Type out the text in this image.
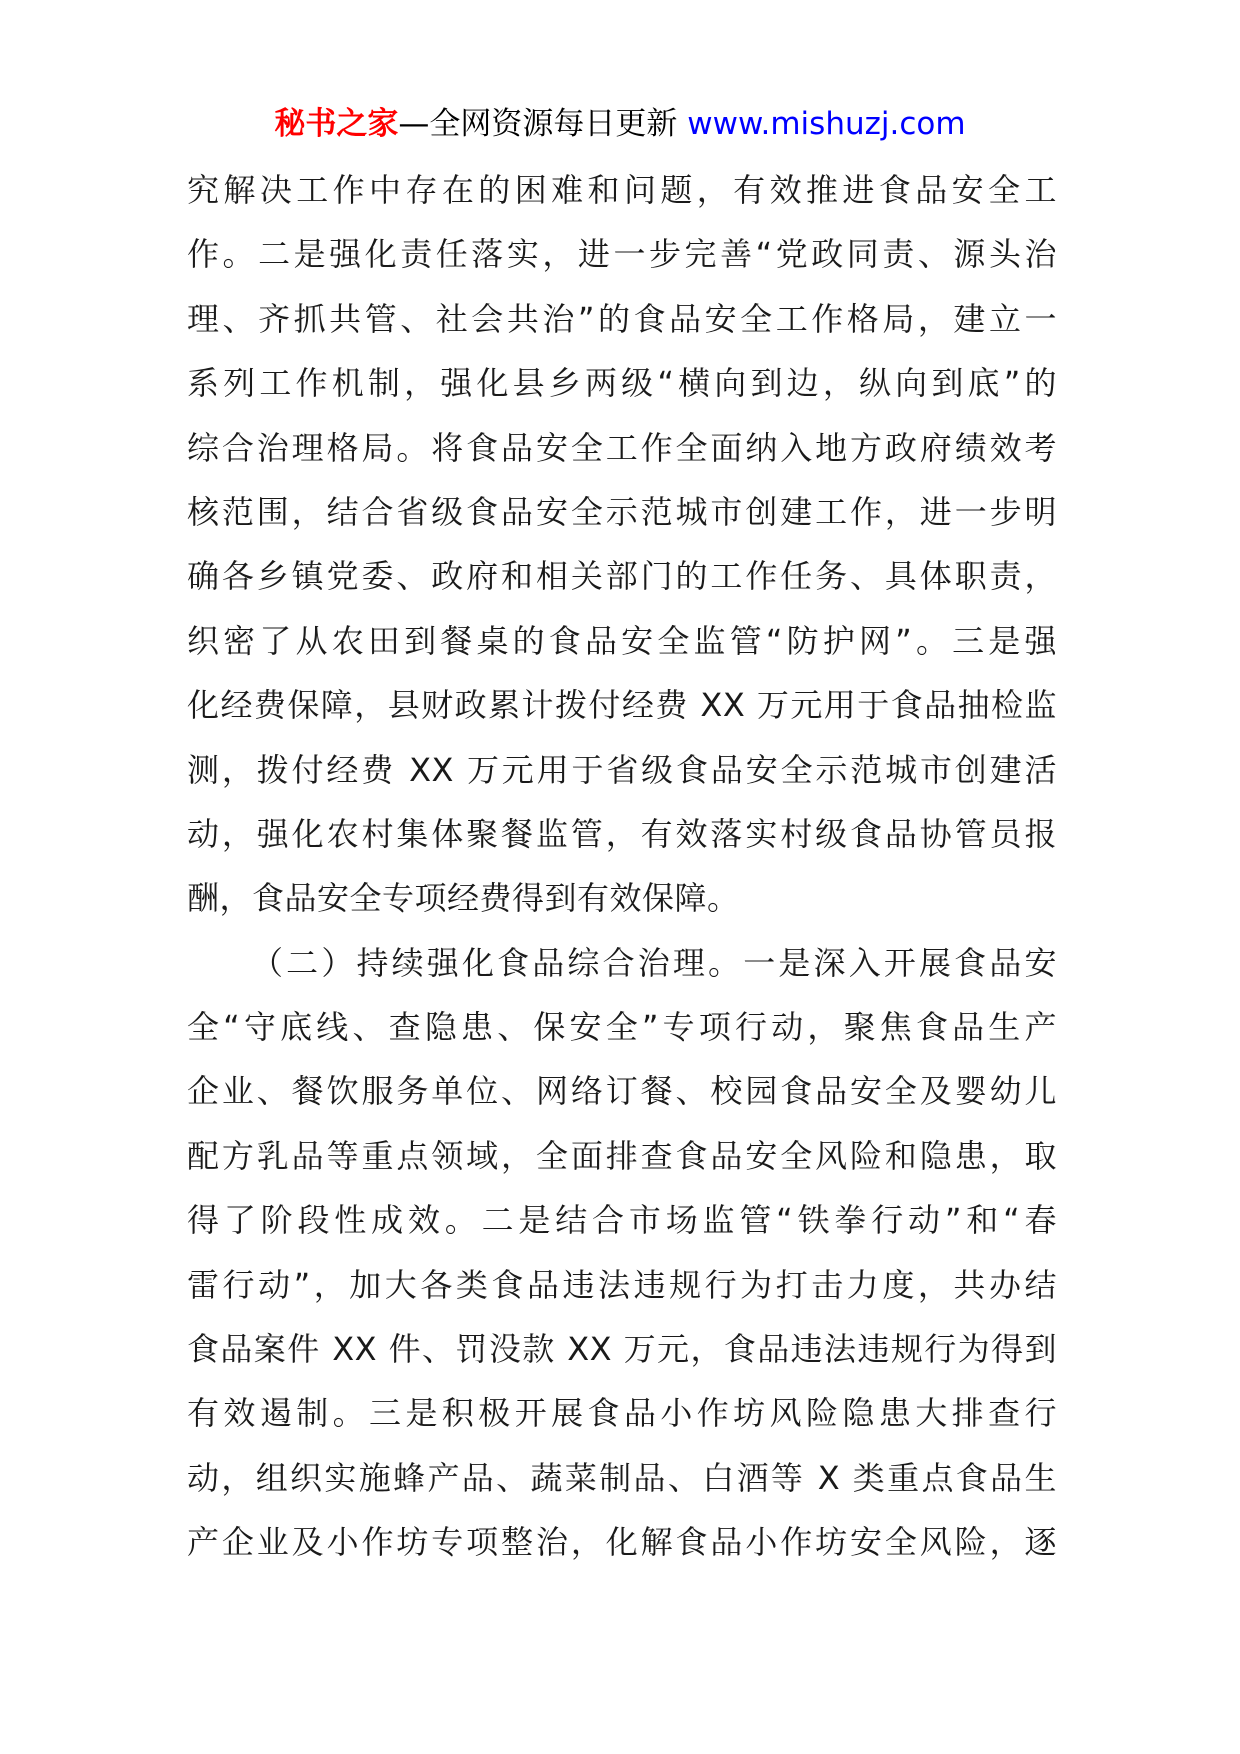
秘书之家—全网资源每日更新 www.mishuzj.com
究解决工作中存在的困难和问题，有效推进食品安全工
作。二是强化责任落实，进一步完善“党政同责、源头治
理、齐抓共管、社会共治”的食品安全工作格局，建立一
系列工作机制，强化县乡两级“横向到边，纵向到底”的
综合治理格局。将食品安全工作全面纳入地方政府绩效考
核范围，结合省级食品安全示范城市创建工作，进一步明
确各乡镇党委、政府和相关部门的工作任务、具体职责，
织密了从农田到餐桌的食品安全监管“防护网”。三是强
化经费保障，县财政累计拨付经费 XX 万元用于食品抽检监
测，拨付经费 XX 万元用于省级食品安全示范城市创建活
动，强化农村集体聚餐监管，有效落实村级食品协管员报
酬，食品安全专项经费得到有效保障。
（二）持续强化食品综合治理。一是深入开展食品安
全“守底线、查隐患、保安全”专项行动，聚焦食品生产
企业、餐饮服务单位、网络订餐、校园食品安全及婴幼儿
配方乳品等重点领域，全面排查食品安全风险和隐患，取
得了阶段性成效。二是结合市场监管“铁拳行动”和“春
雷行动”，加大各类食品违法违规行为打击力度，共办结
食品案件 XX 件、罚没款 XX 万元，食品违法违规行为得到
有效遏制。三是积极开展食品小作坊风险隐患大排查行
动，组织实施蜂产品、蔬菜制品、白酒等 X 类重点食品生
产企业及小作坊专项整治，化解食品小作坊安全风险，逐
